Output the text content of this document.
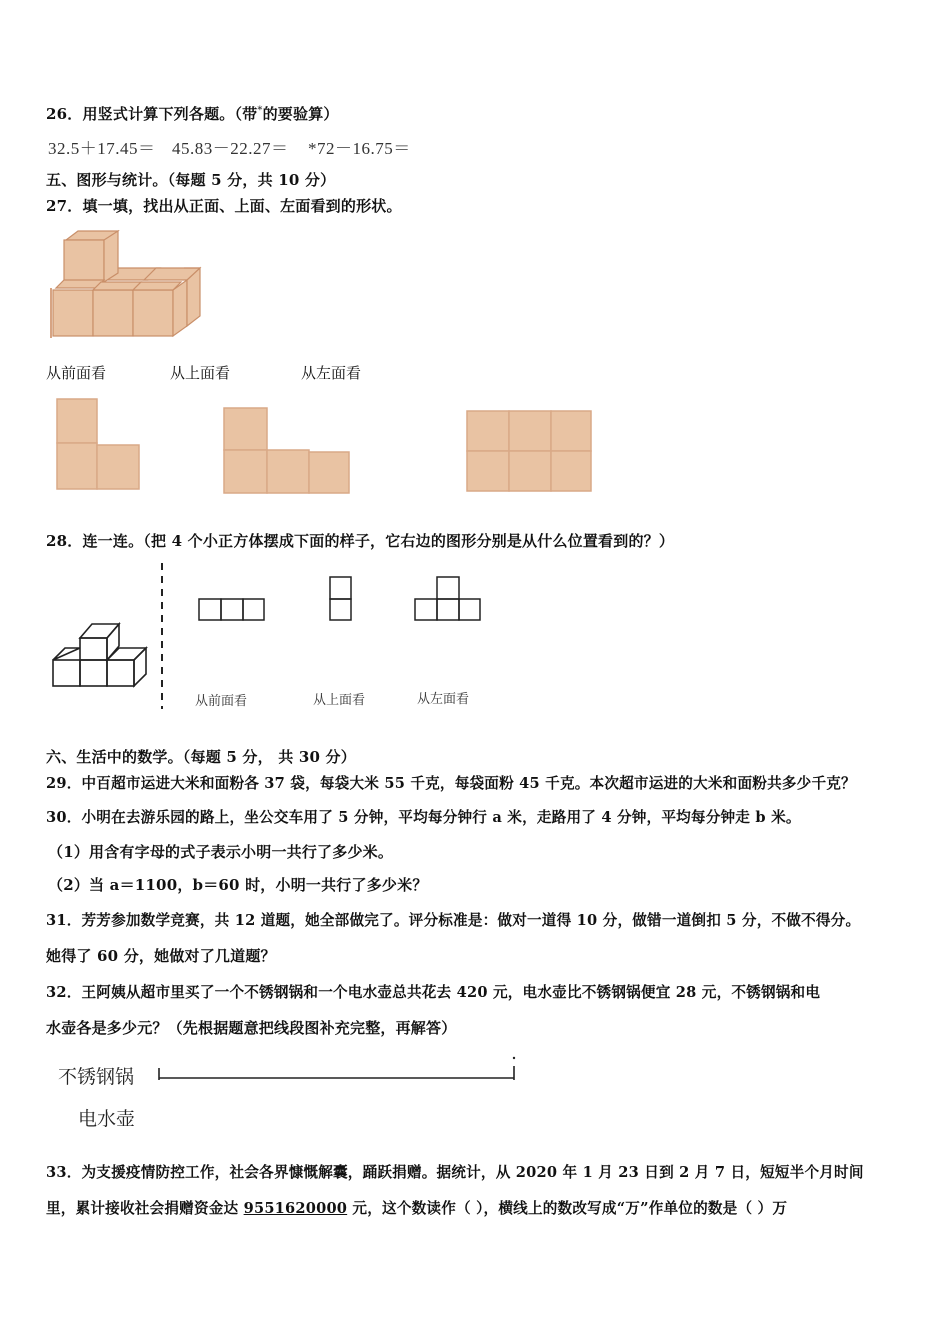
26．用竖式计算下列各题。（带*的要验算）
32.5＋17.45＝ 45.83－22.27＝ *72－16.75＝
五、图形与统计。（每题 5 分，共 10 分）
27．填一填，找出从正面、上面、左面看到的形状。
从前面看	从上面看	从左面看
28．连一连。（把 4 个小正方体摆成下面的样子，它右边的图形分别是从什么位置看到的？）
从前面看	从上面看	从左面看
六、生活中的数学。（每题 5 分， 共 30 分）
29．中百超市运进大米和面粉各 37 袋，每袋大米 55 千克，每袋面粉 45 千克。本次超市运进的大米和面粉共多少千克？
30．小明在去游乐园的路上，坐公交车用了 5 分钟，平均每分钟行 a 米，走路用了 4 分钟，平均每分钟走 b 米。
（1）用含有字母的式子表示小明一共行了多少米。
（2）当 a＝1100，b＝60 时，小明一共行了多少米？
31．芳芳参加数学竞赛，共 12 道题，她全部做完了。评分标准是：做对一道得 10 分，做错一道倒扣 5 分，不做不得分。
她得了 60 分，她做对了几道题？
32．王阿姨从超市里买了一个不锈钢锅和一个电水壶总共花去 420 元，电水壶比不锈钢锅便宜 28 元，不锈钢锅和电
水壶各是多少元？（先根据题意把线段图补充完整，再解答）
不锈钢锅
电水壶
33．为支援疫情防控工作，社会各界慷慨解囊，踊跃捐赠。据统计，从 2020 年 1 月 23 日到 2 月 7 日，短短半个月时间
里，累计接收社会捐赠资金达 9551620000 元，这个数读作（ ），横线上的数改写成“万”作单位的数是（ ）万
